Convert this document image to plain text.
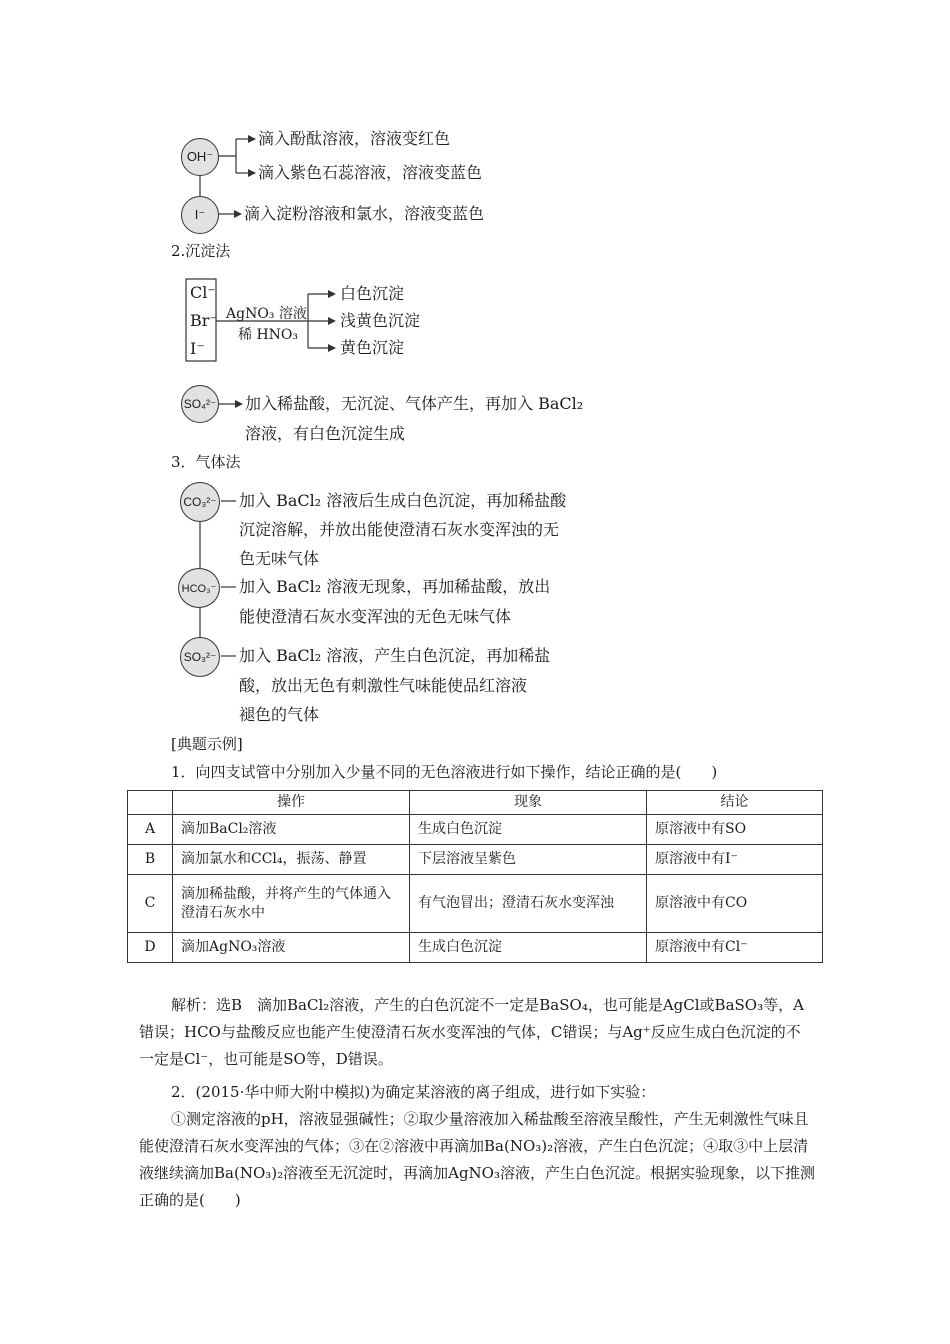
OH⁻
滴入酚酞溶液，溶液变红色
滴入紫色石蕊溶液，溶液变蓝色
I⁻ 滴入淀粉溶液和氯水，溶液变蓝色
2.沉淀法
Cl⁻
Br⁻
I⁻
AgNO₃ 溶液
稀 HNO₃
白色沉淀
浅黄色沉淀
黄色沉淀
SO₄²⁻ 加入稀盐酸，无沉淀、气体产生，再加入 BaCl₂
溶液，有白色沉淀生成
3．气体法
CO₃²⁻ 加入 BaCl₂ 溶液后生成白色沉淀，再加稀盐酸
沉淀溶解，并放出能使澄清石灰水变浑浊的无
色无味气体
HCO₃⁻ 加入 BaCl₂ 溶液无现象，再加稀盐酸，放出
能使澄清石灰水变浑浊的无色无味气体
SO₃²⁻ 加入 BaCl₂ 溶液，产生白色沉淀，再加稀盐
酸，放出无色有刺激性气味能使品红溶液
褪色的气体
[典题示例]
1．向四支试管中分别加入少量不同的无色溶液进行如下操作，结论正确的是(　　)
	操作	现象	结论
A	滴加BaCl₂溶液	生成白色沉淀	原溶液中有SO
B	滴加氯水和CCl₄，振荡、静置	下层溶液呈紫色	原溶液中有I⁻
C	滴加稀盐酸，并将产生的气体通入澄清石灰水中	有气泡冒出；澄清石灰水变浑浊	原溶液中有CO
D	滴加AgNO₃溶液	生成白色沉淀	原溶液中有Cl⁻
解析：选B　滴加BaCl₂溶液，产生的白色沉淀不一定是BaSO₄，也可能是AgCl或BaSO₃等，A错误；HCO与盐酸反应也能产生使澄清石灰水变浑浊的气体，C错误；与Ag⁺反应生成白色沉淀的不一定是Cl⁻，也可能是SO等，D错误。
2．(2015·华中师大附中模拟)为确定某溶液的离子组成，进行如下实验：
①测定溶液的pH，溶液显强碱性；②取少量溶液加入稀盐酸至溶液呈酸性，产生无刺激性气味且能使澄清石灰水变浑浊的气体；③在②溶液中再滴加Ba(NO₃)₂溶液，产生白色沉淀；④取③中上层清液继续滴加Ba(NO₃)₂溶液至无沉淀时，再滴加AgNO₃溶液，产生白色沉淀。根据实验现象，以下推测正确的是(　　)
